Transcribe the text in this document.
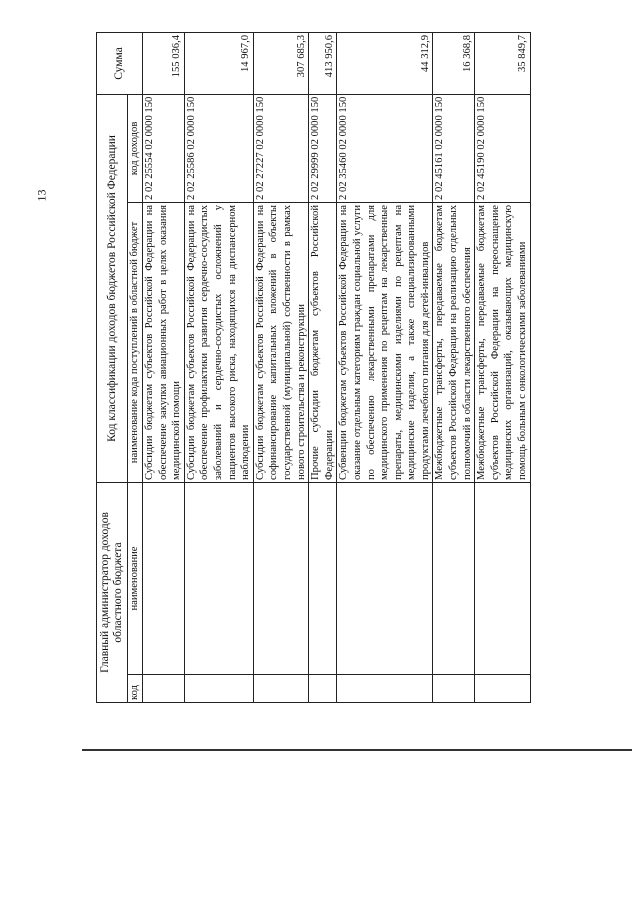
13
Главный администратор доходов областного бюджета		Код классификации доходов бюджетов Российской Федерации		Сумма
код	наименование	наименование кода поступлений в областной бюджет	код доходов	
		Субсидии бюджетам субъектов Российской Федерации на обеспечение закупки авиационных работ в целях оказания медицинской помощи	2 02 25554 02 0000 150	155 036,4
		Субсидии бюджетам субъектов Российской Федерации на обеспечение профилактики развития сердечно-сосудистых заболеваний и сердечно-сосудистых осложнений у пациентов высокого риска, находящихся на диспансерном наблюдении	2 02 25586 02 0000 150	14 967,0
		Субсидии бюджетам субъектов Российской Федерации на софинансирование капитальных вложений в объекты государственной (муниципальной) собственности в рамках нового строительства и реконструкции	2 02 27227 02 0000 150	307 685,3
		Прочие субсидии бюджетам субъектов Российской Федерации	2 02 29999 02 0000 150	413 950,6
		Субвенции бюджетам субъектов Российской Федерации на оказание отдельным категориям граждан социальной услуги по обеспечению лекарственными препаратами для медицинского применения по рецептам на лекарственные препараты, медицинскими изделиями по рецептам на медицинские изделия, а также специализированными продуктами лечебного питания для детей-инвалидов	2 02 35460 02 0000 150	44 312,9
		Межбюджетные трансферты, передаваемые бюджетам субъектов Российской Федерации на реализацию отдельных полномочий в области лекарственного обеспечения	2 02 45161 02 0000 150	16 368,8
		Межбюджетные трансферты, передаваемые бюджетам субъектов Российской Федерации на переоснащение медицинских организаций, оказывающих медицинскую помощь больным с онкологическими заболеваниями	2 02 45190 02 0000 150	35 849,7
